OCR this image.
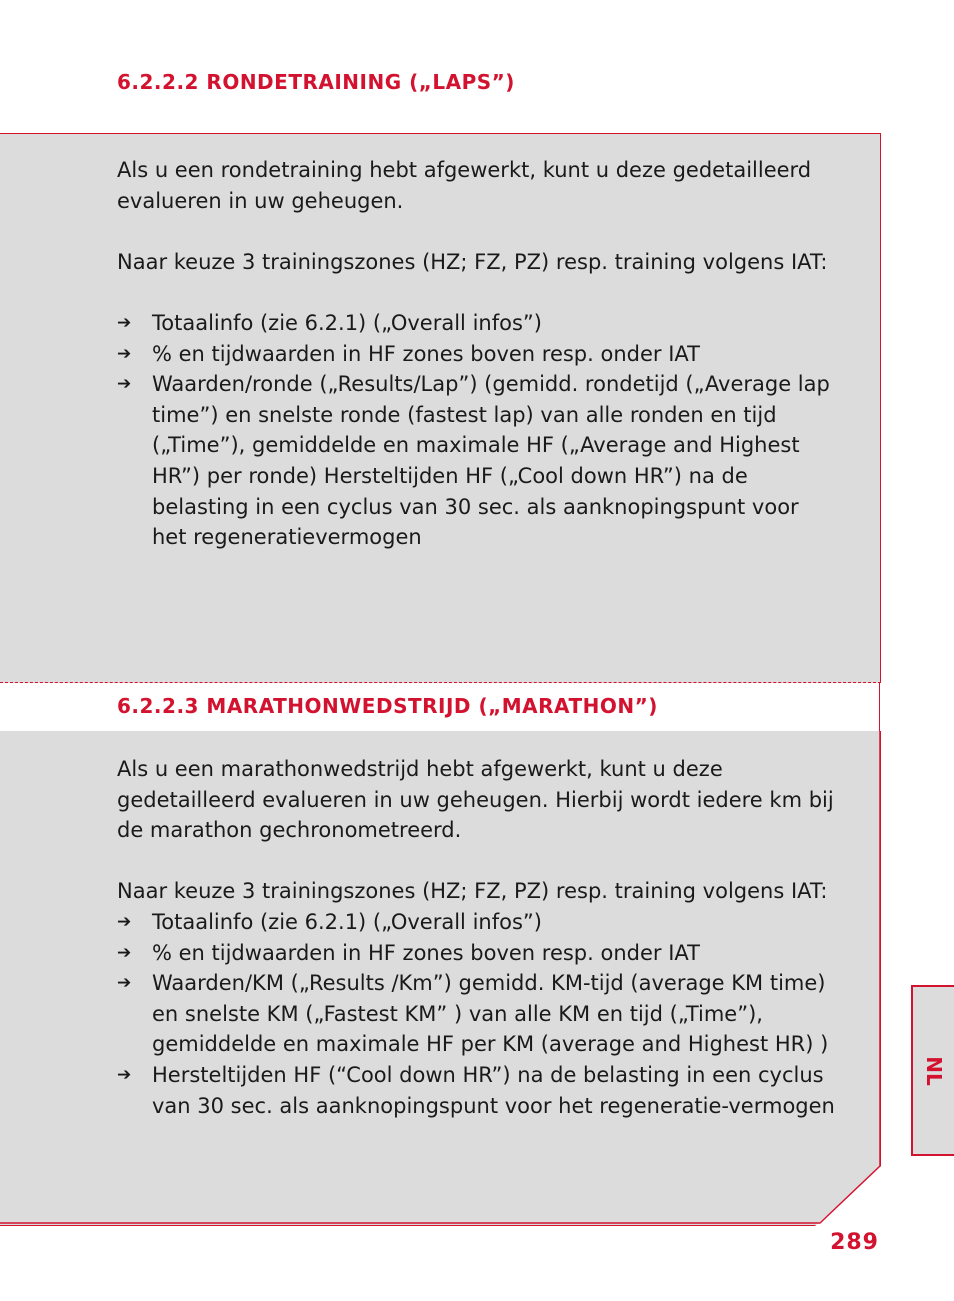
6.2.2.2 RONDETRAINING („LAPS”)
6.2.2.3 MARATHONWEDSTRIJD („MARATHON”)

Als u een rondetraining hebt afgewerkt, kunt u deze gedetailleerd evalueren in uw geheugen.

Naar keuze 3 trainingszones (HZ; FZ, PZ) resp. training volgens IAT:

➔ Totaalinfo (zie 6.2.1) („Overall infos”)
➔ % en tijdwaarden in HF zones boven resp. onder IAT
➔ Waarden/ronde („Results/Lap”) (gemidd. rondetijd („Average lap time”) en snelste ronde (fastest lap) van alle ronden en tijd („Time”), gemiddelde en maximale HF („Average and Highest HR”) per ronde) Hersteltijden HF („Cool down HR”) na de belasting in een cyclus van 30 sec. als aanknopingspunt voor het regeneratievermogen

Als u een marathonwedstrijd hebt afgewerkt, kunt u deze gedetailleerd evalueren in uw geheugen. Hierbij wordt iedere km bij de marathon gechronometreerd.

Naar keuze 3 trainingszones (HZ; FZ, PZ) resp. training volgens IAT:

➔ Totaalinfo (zie 6.2.1) („Overall infos”)
➔ % en tijdwaarden in HF zones boven resp. onder IAT
➔ Waarden/KM („Results /Km”) gemidd. KM-tijd (average KM time) en snelste KM („Fastest KM” ) van alle KM en tijd („Time”), gemiddelde en maximale HF per KM (average and Highest HR) )
➔ Hersteltijden HF (“Cool down HR”) na de belasting in een cyclus van 30 sec. als aanknopingspunt voor het regeneratie-vermogen
NL
289
